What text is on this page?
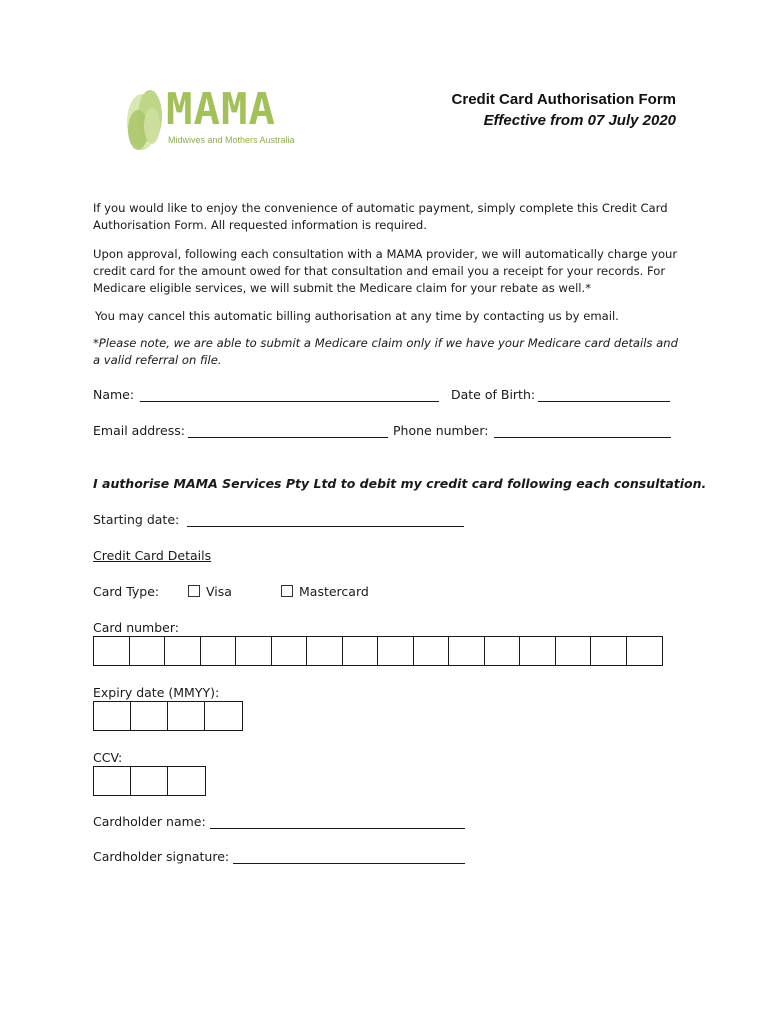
MAMA
Midwives and Mothers Australia
Credit Card Authorisation Form
Effective from 07 July 2020
If you would like to enjoy the convenience of automatic payment, simply complete this Credit Card Authorisation Form. All requested information is required.
Upon approval, following each consultation with a MAMA provider, we will automatically charge your credit card for the amount owed for that consultation and email you a receipt for your records. For Medicare eligible services, we will submit the Medicare claim for your rebate as well.*
You may cancel this automatic billing authorisation at any time by contacting us by email.
*Please note, we are able to submit a Medicare claim only if we have your Medicare card details and a valid referral on file.
Name:	Date of Birth:
Email address:	Phone number:
I authorise MAMA Services Pty Ltd to debit my credit card following each consultation.
Starting date:
Credit Card Details
Card Type:	Visa	Mastercard
Card number:
Expiry date (MMYY):
CCV:
Cardholder name:
Cardholder signature:
